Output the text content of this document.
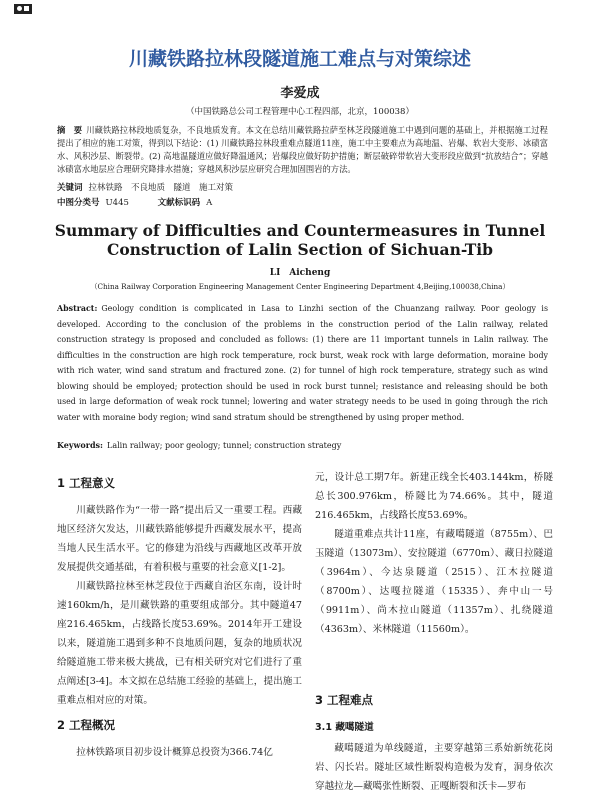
川藏铁路拉林段隧道施工难点与对策综述
李爱成
（中国铁路总公司工程管理中心工程四部，北京，100038）
摘　要 川藏铁路拉林段地质复杂，不良地质发育。本文在总结川藏铁路拉萨至林芝段隧道施工中遇到问题的基础上，并根据施工过程提出了相应的施工对策，得到以下结论：(1) 川藏铁路拉林段重难点隧道11座，施工中主要难点为高地温、岩爆、软岩大变形、冰碛富水、风积沙层、断裂带。(2) 高地温隧道应做好降温通风；岩爆段应做好防护措施；断层破碎带软岩大变形段应做到“抗放结合”；穿越冰碛富水地层应合理研究降排水措施；穿越风积沙层应研究合理加固围岩的方法。
关键词 拉林铁路　不良地质　隧道　施工对策
中图分类号 U445	文献标识码 A
Summary of Difficulties and Countermeasures in Tunnel Construction of Lalin Section of Sichuan-Tib
LI　Aicheng
（China Railway Corporation Engineering Management Center Engineering Department 4,Beijing,100038,China）
Abstract: Geology condition is complicated in Lasa to Linzhi section of the Chuanzang railway. Poor geology is developed. According to the conclusion of the problems in the construction period of the Lalin railway, related construction strategy is proposed and concluded as follows: (1) there are 11 important tunnels in Lalin railway. The difficulties in the construction are high rock temperature, rock burst, weak rock with large deformation, moraine body with rich water, wind sand stratum and fractured zone. (2) for tunnel of high rock temperature, strategy such as wind blowing should be employed; protection should be used in rock burst tunnel; resistance and releasing should be both used in large deformation of weak rock tunnel; lowering and water strategy needs to be used in going through the rich water with moraine body region; wind sand stratum should be strengthened by using proper method.
Keywords: Lalin railway; poor geology; tunnel; construction strategy
1 工程意义

川藏铁路作为“一带一路”提出后又一重要工程。西藏地区经济欠发达，川藏铁路能够提升西藏发展水平，提高当地人民生活水平。它的修建为沿线与西藏地区改革开放发展提供交通基础，有着积极与重要的社会意义[1-2]。

川藏铁路拉林至林芝段位于西藏自治区东南，设计时速160km/h，是川藏铁路的重要组成部分。其中隧道47座216.465km，占线路长度53.69%。2014年开工建设以来，隧道施工遇到多种不良地质问题，复杂的地质状况给隧道施工带来极大挑战，已有相关研究对它们进行了重点阐述[3-4]。本文拟在总结施工经验的基础上，提出施工重难点相对应的对策。

2 工程概况

拉林铁路项目初步设计概算总投资为366.74亿

元，设计总工期7年。新建正线全长403.144km，桥隧总长300.976km，桥隧比为74.66%。其中，隧道216.465km，占线路长度53.69%。

隧道重难点共计11座，有藏噶隧道（8755m）、巴玉隧道（13073m）、安拉隧道（6770m）、藏日拉隧道（3964m）、今达泉隧道（2515）、江木拉隧道（8700m）、达嘎拉隧道（15335）、奔中山一号（9911m）、尚木拉山隧道（11357m）、扎绕隧道（4363m）、米林隧道（11560m）。

3 工程难点
3.1 藏噶隧道

藏噶隧道为单线隧道，主要穿越第三系始新统花岗岩、闪长岩。隧址区域性断裂构造极为发育，洞身依次穿越拉龙—藏噶张性断裂、正嘎断裂和沃卡—罗布
